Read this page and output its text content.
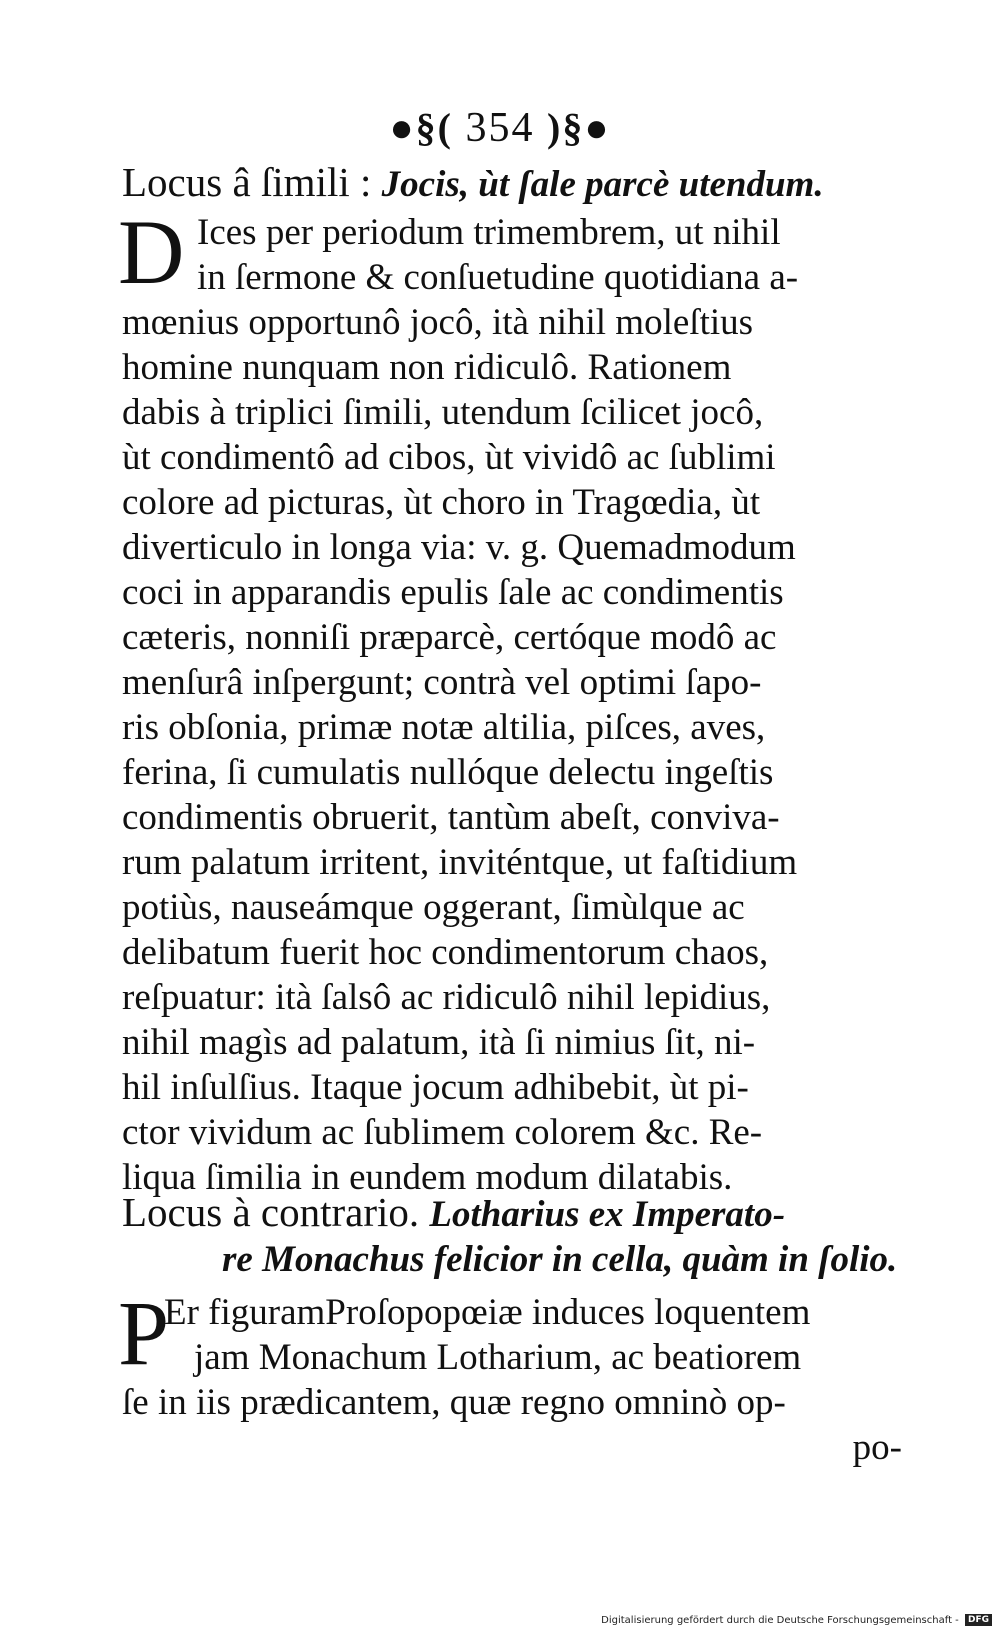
●§( 354 )§●
Locus â ſimili : Jocis, ùt ſale parcè utendum.
D Ices per periodum trimembrem, ut nihil
in ſermone & conſuetudine quotidiana a-
mœnius opportunô jocô, ità nihil moleſtius
homine nunquam non ridiculô. Rationem
dabis à triplici ſimili, utendum ſcilicet jocô,
ùt condimentô ad cibos, ùt vividô ac ſublimi
colore ad picturas, ùt choro in Tragœdia, ùt
diverticulo in longa via: v. g. Quemadmodum
coci in apparandis epulis ſale ac condimentis
cæteris, nonniſi præparcè, certóque modô ac
menſurâ inſpergunt; contrà vel optimi ſapo-
ris obſonia, primæ notæ altilia, piſces, aves,
ferina, ſi cumulatis nullóque delectu ingeſtis
condimentis obruerit, tantùm abeſt, conviva-
rum palatum irritent, inviténtque, ut faſtidium
potiùs, nauseámque oggerant, ſimùlque ac
delibatum fuerit hoc condimentorum chaos,
reſpuatur: ità ſalsô ac ridiculô nihil lepidius,
nihil magìs ad palatum, ità ſi nimius ſit, ni-
hil inſulſius. Itaque jocum adhibebit, ùt pi-
ctor vividum ac ſublimem colorem &c. Re-
liqua ſimilia in eundem modum dilatabis.
Locus à contrario. Lotharius ex Imperato-
re Monachus felicior in cella, quàm in ſolio.
P
Er figuramProſopopœiæ induces loquentem
jam Monachum Lotharium, ac beatiorem
ſe in iis prædicantem, quæ regno omninò op-
po-
Digitalisierung gefördert durch die Deutsche Forschungsgemeinschaft - DFG
